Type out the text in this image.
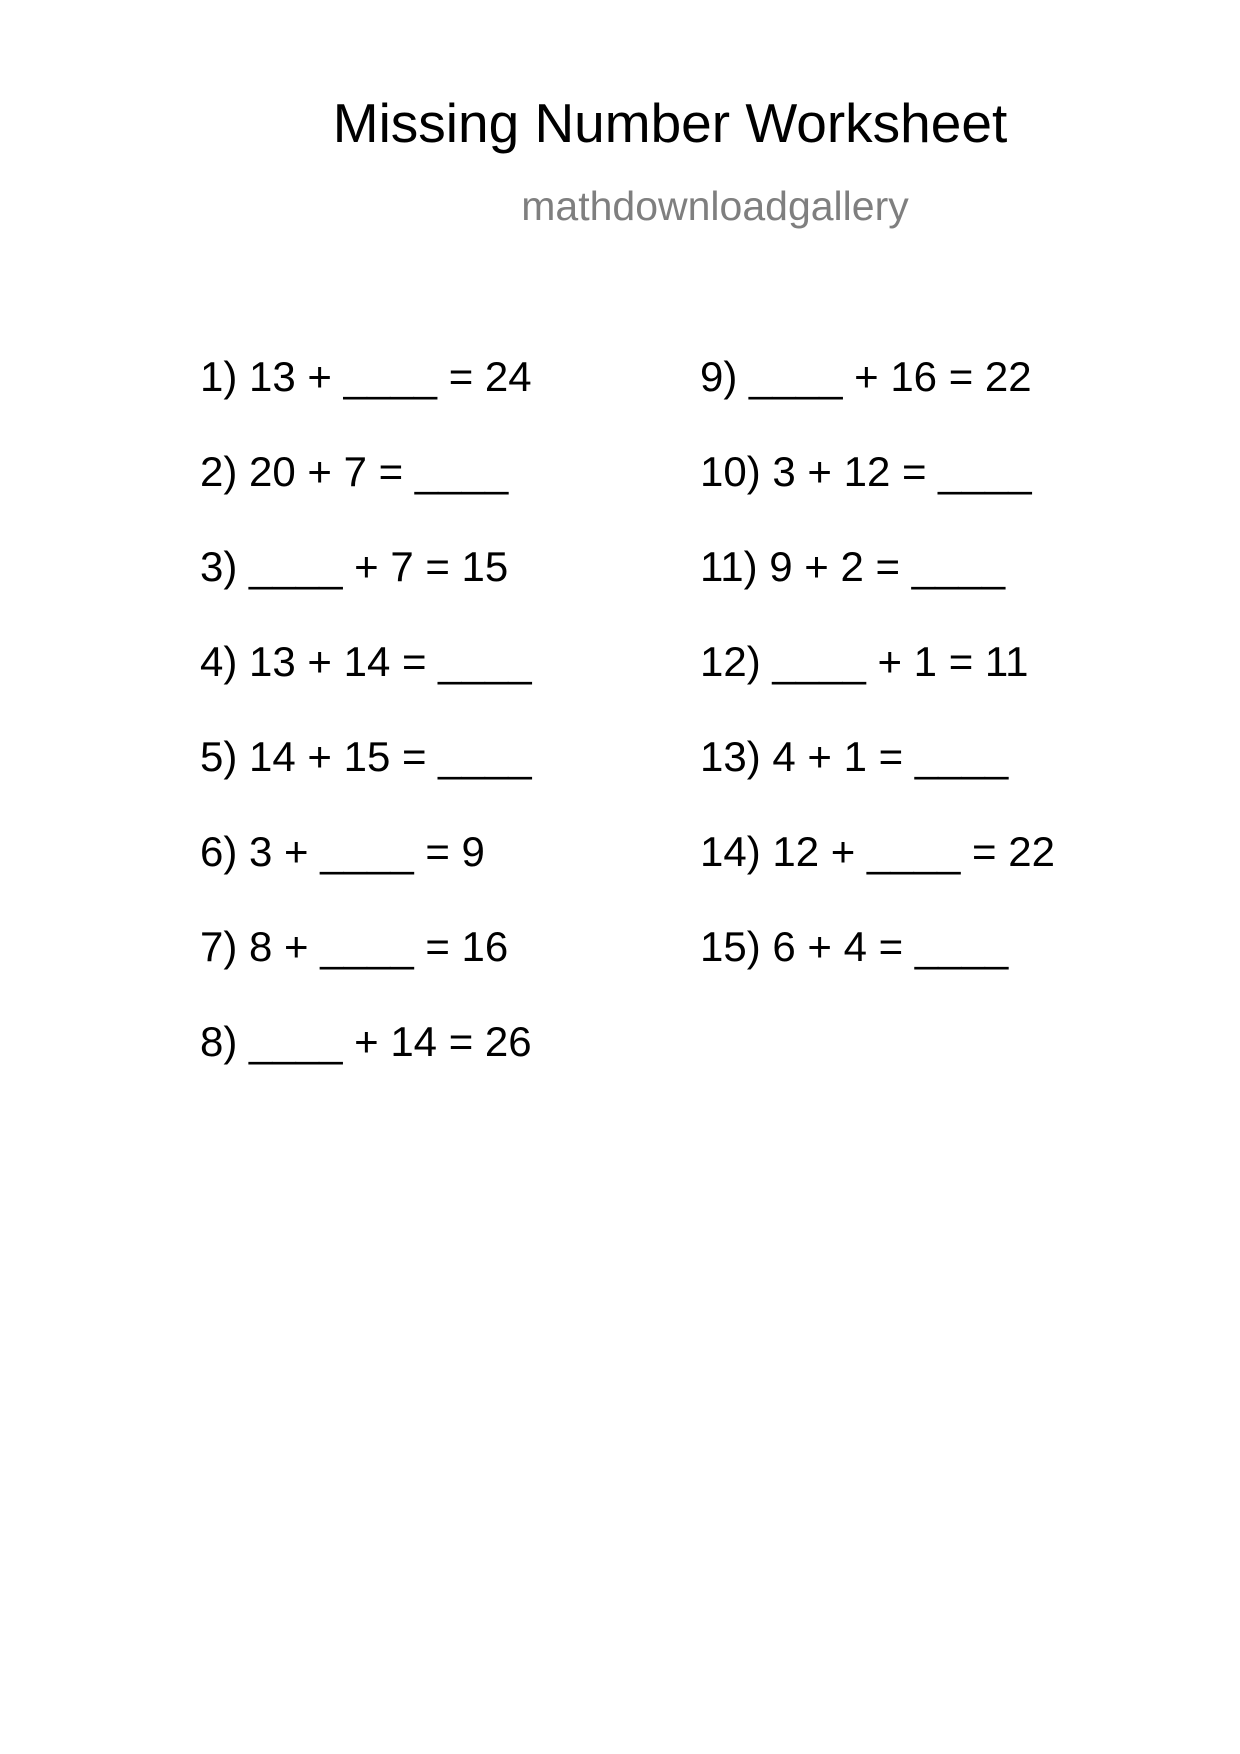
Missing Number Worksheet
mathdownloadgallery
1) 13 + ____ = 24
2) 20 + 7 = ____
3) ____ + 7 = 15
4) 13 + 14 = ____
5) 14 + 15 = ____
6) 3 + ____ = 9
7) 8 + ____ = 16
8) ____ + 14 = 26
9) ____ + 16 = 22
10) 3 + 12 = ____
11) 9 + 2 = ____
12) ____ + 1 = 11
13) 4 + 1 = ____
14) 12 + ____ = 22
15) 6 + 4 = ____
